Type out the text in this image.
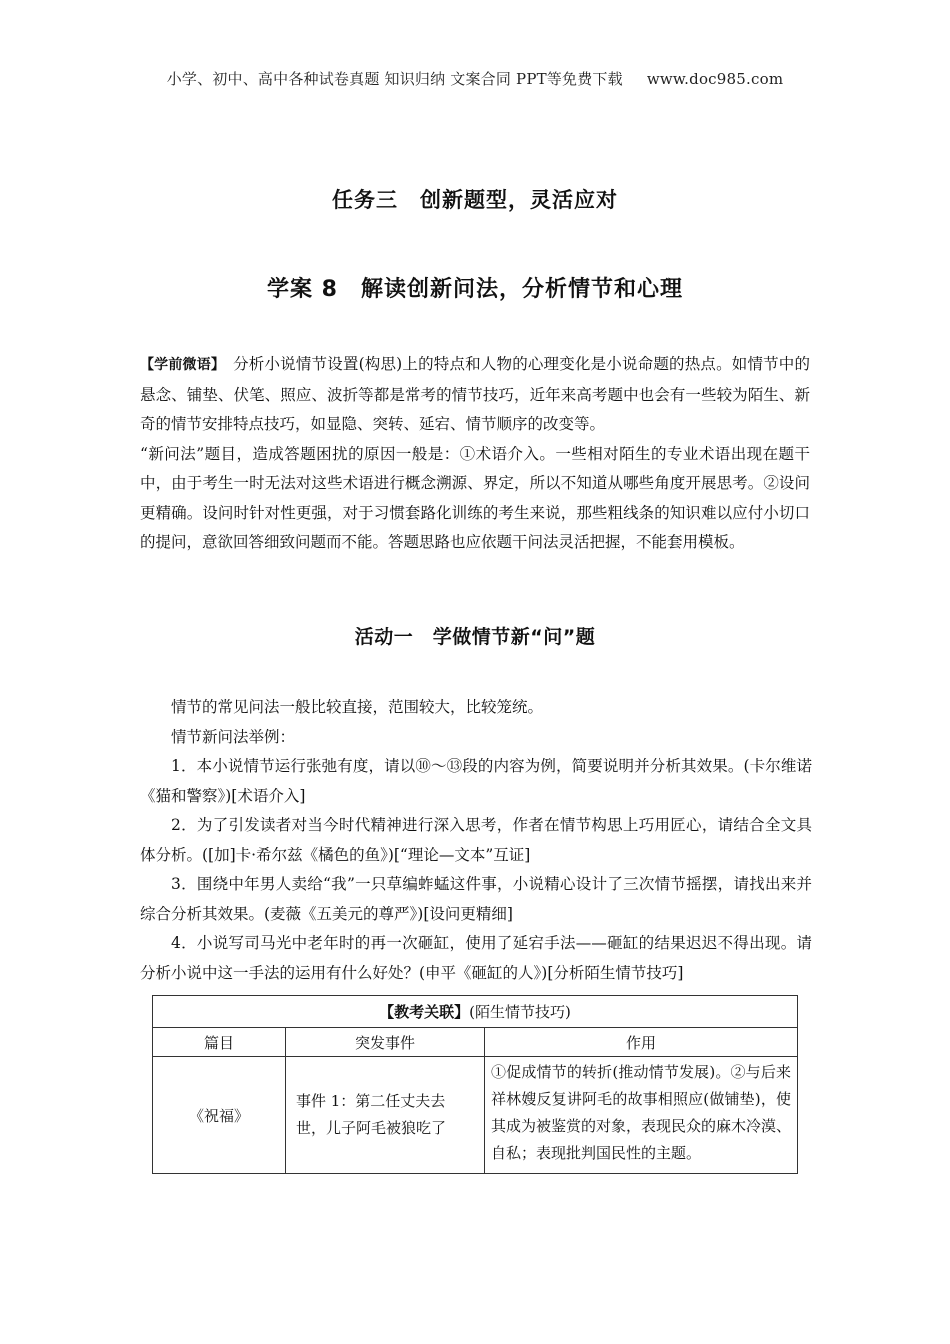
小学、初中、高中各种试卷真题 知识归纳 文案合同 PPT等免费下载 www.doc985.com
任务三　创新题型，灵活应对
学案 8　解读创新问法，分析情节和心理

【学前微语】 分析小说情节设置(构思)上的特点和人物的心理变化是小说命题的热点。如情节中的悬念、铺垫、伏笔、照应、波折等都是常考的情节技巧，近年来高考题中也会有一些较为陌生、新奇的情节安排特点技巧，如显隐、突转、延宕、情节顺序的改变等。

“新问法”题目，造成答题困扰的原因一般是：①术语介入。一些相对陌生的专业术语出现在题干中，由于考生一时无法对这些术语进行概念溯源、界定，所以不知道从哪些角度开展思考。②设问更精确。设问时针对性更强，对于习惯套路化训练的考生来说，那些粗线条的知识难以应付小切口的提问，意欲回答细致问题而不能。答题思路也应依题干问法灵活把握，不能套用模板。

活动一　学做情节新“问”题

情节的常见问法一般比较直接，范围较大，比较笼统。

情节新问法举例：

1．本小说情节运行张弛有度，请以⑩～⑬段的内容为例，简要说明并分析其效果。(卡尔维诺《猫和警察》)[术语介入]

2．为了引发读者对当今时代精神进行深入思考，作者在情节构思上巧用匠心，请结合全文具体分析。([加]卡·希尔兹《橘色的鱼》)[“理论—文本”互证]

3．围绕中年男人卖给“我”一只草编蚱蜢这件事，小说精心设计了三次情节摇摆，请找出来并综合分析其效果。(麦薇《五美元的尊严》)[设问更精细]

4．小说写司马光中老年时的再一次砸缸，使用了延宕手法——砸缸的结果迟迟不得出现。请分析小说中这一手法的运用有什么好处？(申平《砸缸的人》)[分析陌生情节技巧]

【教考关联】(陌生情节技巧)		
篇目	突发事件	作用
《祝福》	事件 1：第二任丈夫去世，儿子阿毛被狼吃了	①促成情节的转折(推动情节发展)。②与后来祥林嫂反复讲阿毛的故事相照应(做铺垫)，使其成为被鉴赏的对象，表现民众的麻木冷漠、自私；表现批判国民性的主题。
